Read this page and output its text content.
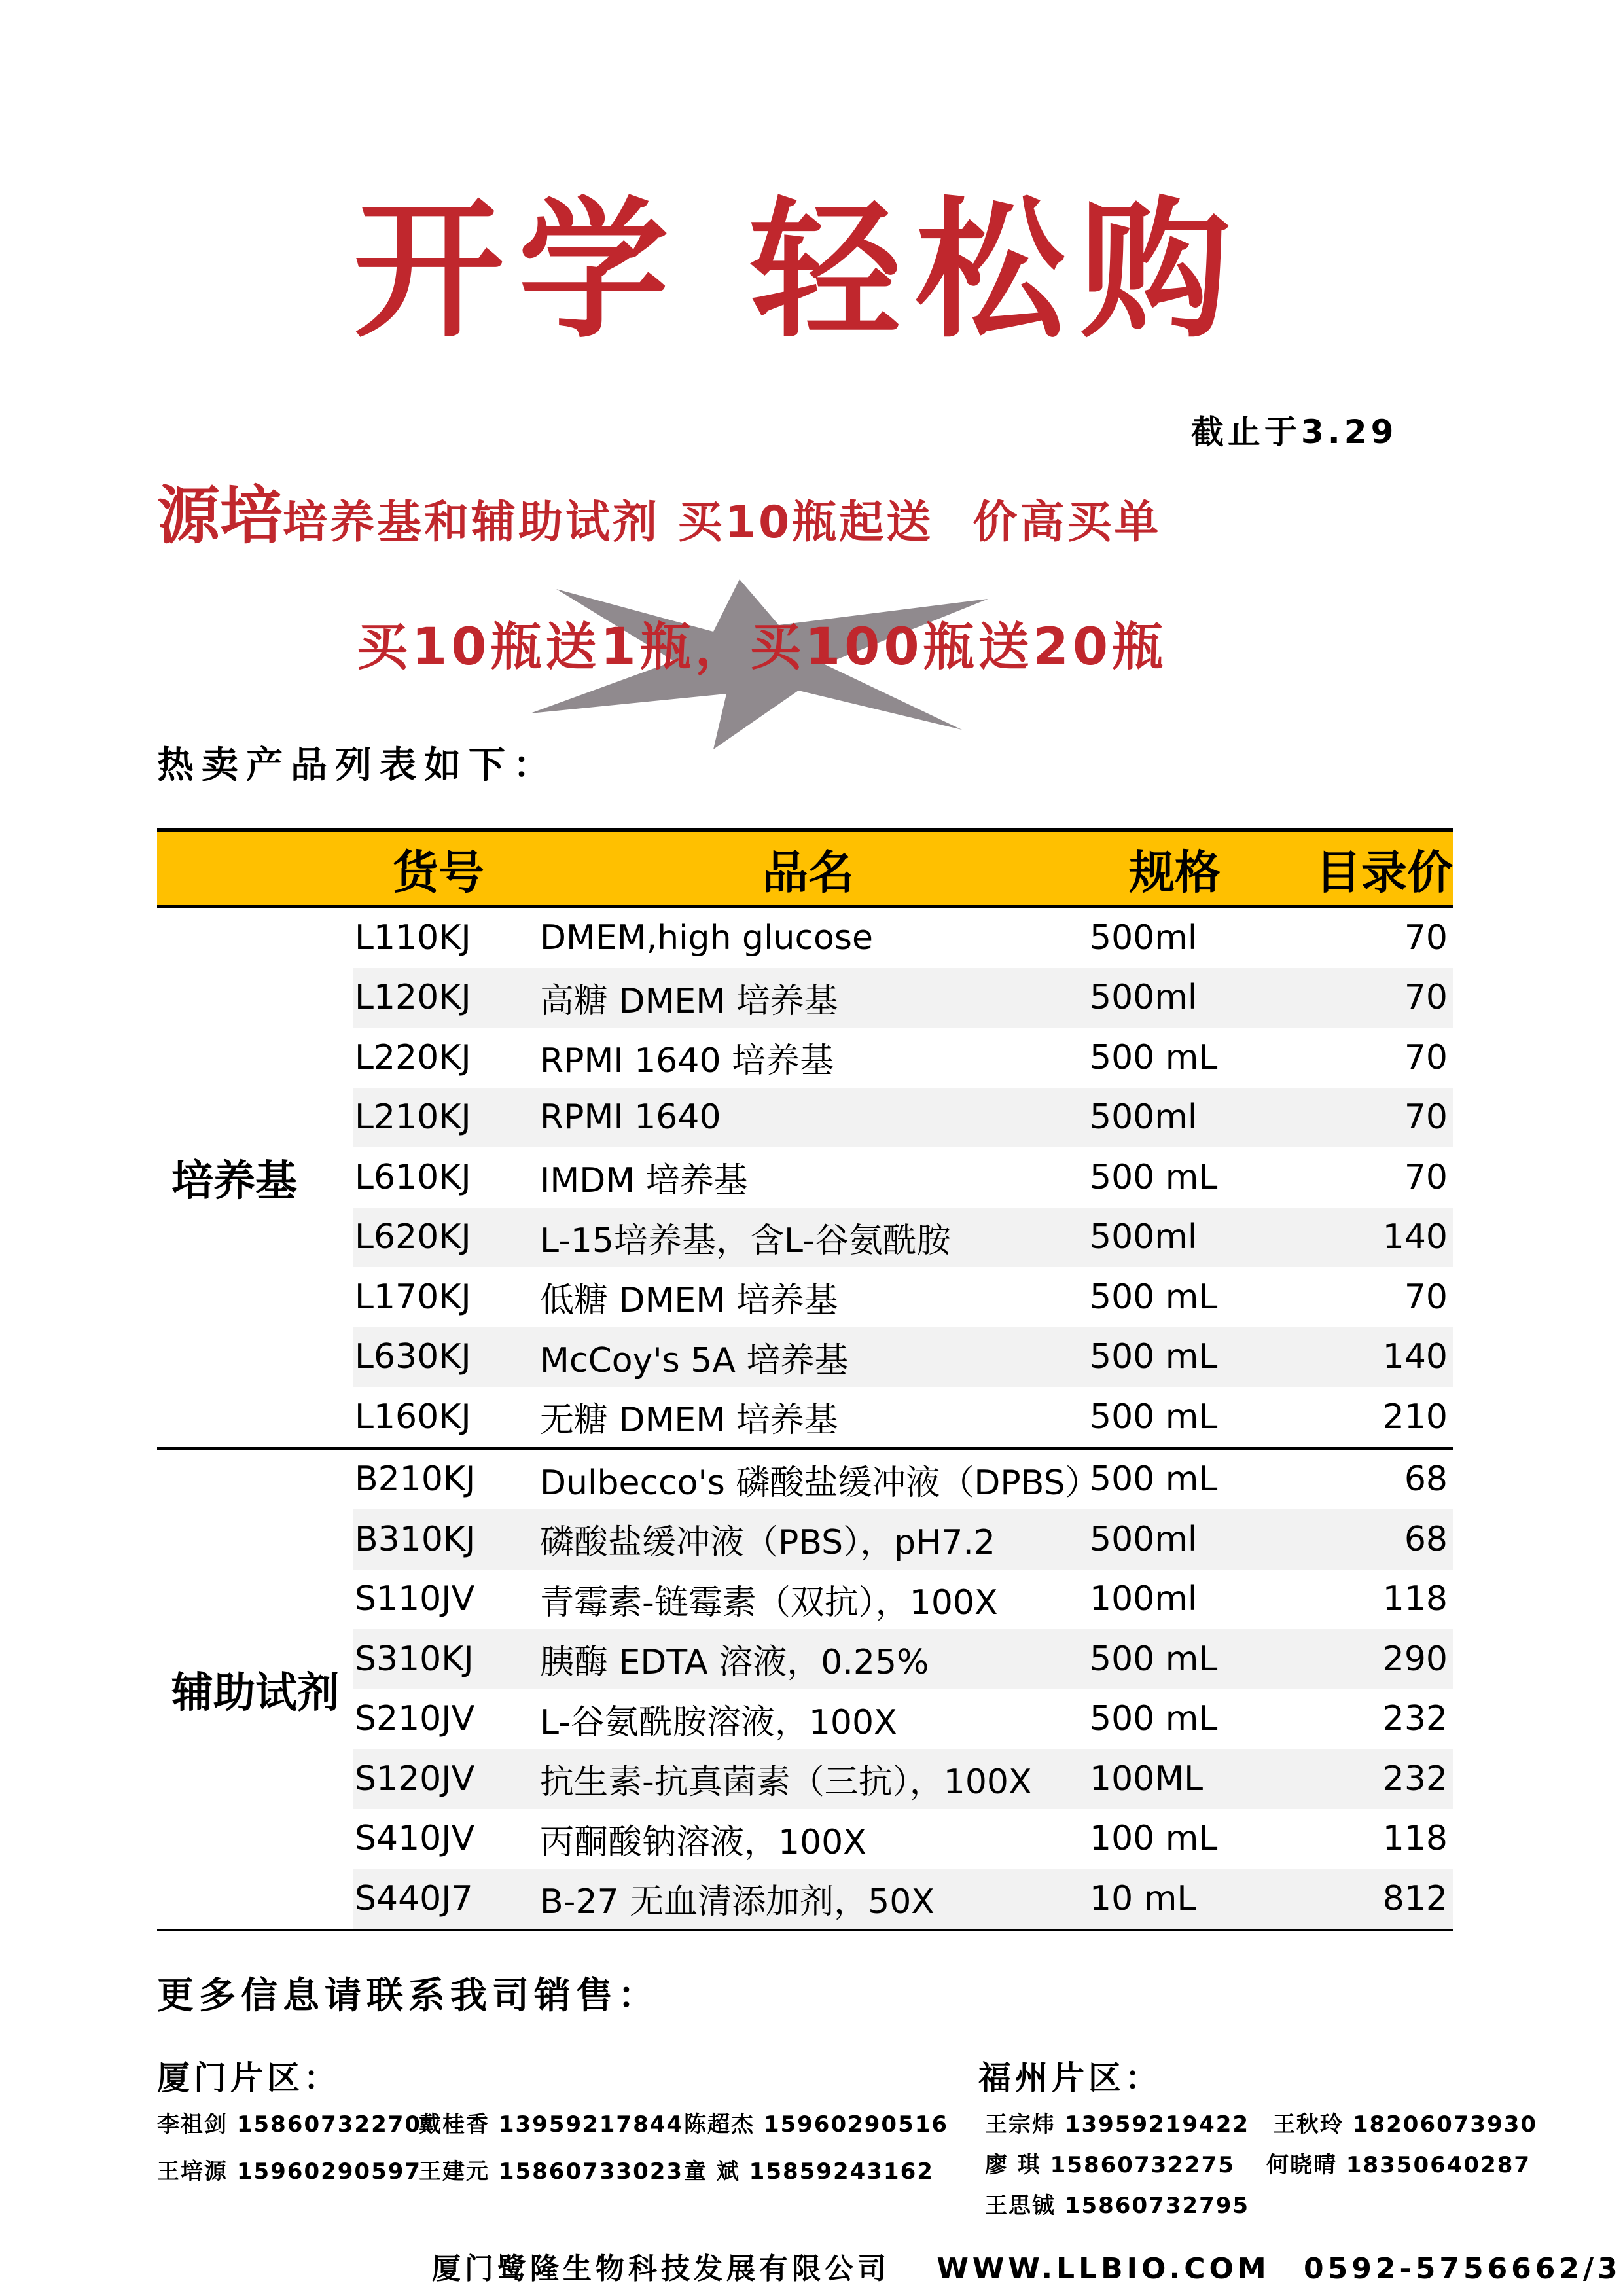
开学 轻松购
截止于3.29
源培培养基和辅助试剂 买10瓶起送 价高买单
买10瓶送1瓶，买100瓶送20瓶
热卖产品列表如下：
	货号	品名	规格	目录价
培养基	L110KJ	DMEM,high glucose	500ml	70
	L120KJ	高糖 DMEM 培养基	500ml	70
	L220KJ	RPMI 1640 培养基	500 mL	70
	L210KJ	RPMI 1640	500ml	70
	L610KJ	IMDM 培养基	500 mL	70
	L620KJ	L-15培养基，含L-谷氨酰胺	500ml	140
	L170KJ	低糖 DMEM 培养基	500 mL	70
	L630KJ	McCoy's 5A 培养基	500 mL	140
	L160KJ	无糖 DMEM 培养基	500 mL	210
辅助试剂	B210KJ	Dulbecco's 磷酸盐缓冲液（DPBS）	500 mL	68
	B310KJ	磷酸盐缓冲液（PBS），pH7.2	500ml	68
	S110JV	青霉素-链霉素（双抗），100X	100ml	118
	S310KJ	胰酶 EDTA 溶液，0.25%	500 mL	290
	S210JV	L-谷氨酰胺溶液，100X	500 mL	232
	S120JV	抗生素-抗真菌素（三抗），100X	100ML	232
	S410JV	丙酮酸钠溶液，100X	100 mL	118
	S440J7	B-27 无血清添加剂，50X	10 mL	812
更多信息请联系我司销售：
厦门片区：
李祖剑 15860732270
戴桂香 13959217844 陈超杰 15960290516
王培源 15960290597
王建元 15860733023 童 斌 15859243162
福州片区：
王宗炜 13959219422 王秋玲 18206073930
廖 琪 15860732275 何晓晴 18350640287
王思铖 15860732795
厦门鹭隆生物科技发展有限公司 WWW.LLBIO.COM 0592-5756662/3
